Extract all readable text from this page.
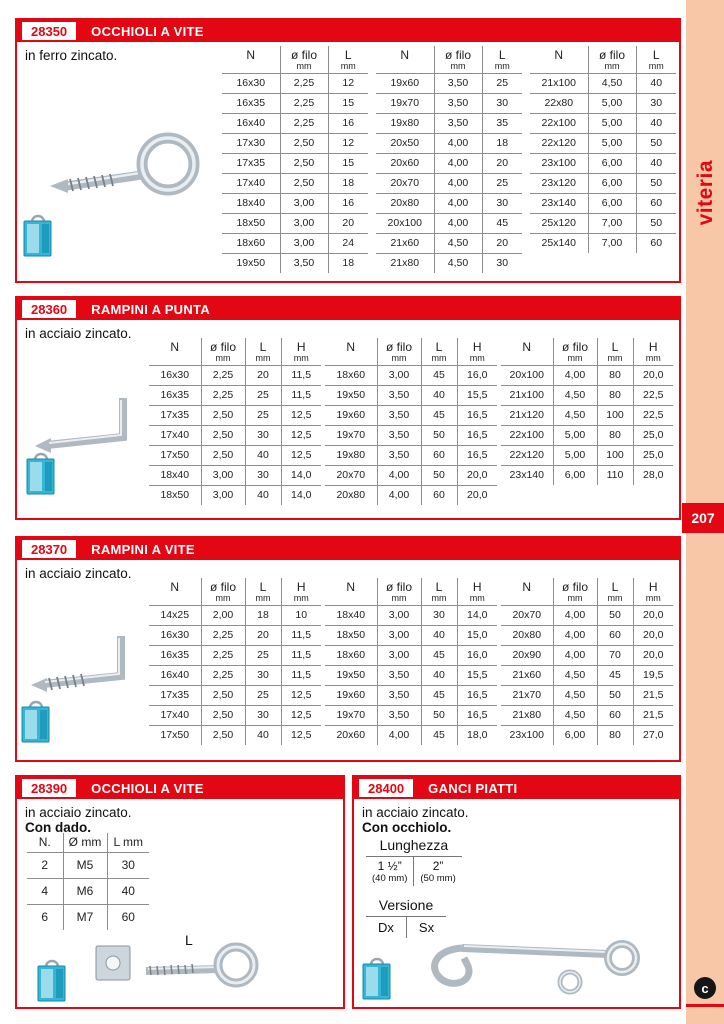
28350	OCCHIOLI A VITE
in ferro zincato.	N	ø filo
mm

L
mm

16x30	2,25	12
16x35	2,25	15
16x40	2,25	16
17x30	2,50	12
17x35	2,50	15
17x40	2,50	18
18x40	3,00	16
18x50	3,00	20
18x60	3,00	24
19x50	3,50	18
N	ø filo
mm

L
mm

19x60	3,50	25
19x70	3,50	30
19x80	3,50	35
20x50	4,00	18
20x60	4,00	20
20x70	4,00	25
20x80	4,00	30
20x100	4,00	45
21x60	4,50	20
21x80	4,50	30
N	ø filo
mm

L
mm

21x100	4,50	40
22x80	5,00	30
22x100	5,00	40
22x120	5,00	50
23x100	6,00	40
23x120	6,00	50
23x140	6,00	60
25x120	7,00	50
25x140	7,00	60
28360	RAMPINI A PUNTA
in acciaio zincato.
N	ø filo
mm

L
mm

H
mm

16x30	2,25	20	11,5
16x35	2,25	25	11,5
17x35	2,50	25	12,5
17x40	2,50	30	12,5
17x50	2,50	40	12,5
18x40	3,00	30	14,0
18x50	3,00	40	14,0
N	ø filo
mm

L
mm

H
mm

18x60	3,00	45	16,0
19x50	3,50	40	15,5
19x60	3,50	45	16,5
19x70	3,50	50	16,5
19x80	3,50	60	16,5
20x70	4,00	50	20,0
20x80	4,00	60	20,0
N	ø filo
mm

L
mm

H
mm

20x100	4,00	80	20,0
21x100	4,50	80	22,5
21x120	4,50	100	22,5
22x100	5,00	80	25,0
22x120	5,00	100	25,0
23x140	6,00	110	28,0
28370	RAMPINI A VITE
in acciaio zincato.
N	ø filo
mm

L
mm

H
mm

14x25	2,00	18	10
16x30	2,25	20	11,5
16x35	2,25	25	11,5
16x40	2,25	30	11,5
17x35	2,50	25	12,5
17x40	2,50	30	12,5
17x50	2,50	40	12,5
N	ø filo
mm

L
mm

H
mm

18x40	3,00	30	14,0
18x50	3,00	40	15,0
18x60	3,00	45	16,0
19x50	3,50	40	15,5
19x60	3,50	45	16,5
19x70	3,50	50	16,5
20x60	4,00	45	18,0
N	ø filo
mm

L
mm

H
mm

20x70	4,00	50	20,0
20x80	4,00	60	20,0
20x90	4,00	70	20,0
21x60	4,50	45	19,5
21x70	4,50	50	21,5
21x80	4,50	60	21,5
23x100	6,00	80	27,0
28390	OCCHIOLI A VITE
in acciaio zincato.
Con dado.
N.	Ø mm	L mm

2	M5	30
4	M6	40
6	M7	60
L
28400	GANCI PIATTI
in acciaio zincato.
Con occhiolo.
Lunghezza
1 ½”
(40 mm)
2”
(50 mm)
Versione
Dx	Sx
viteria
207
c
